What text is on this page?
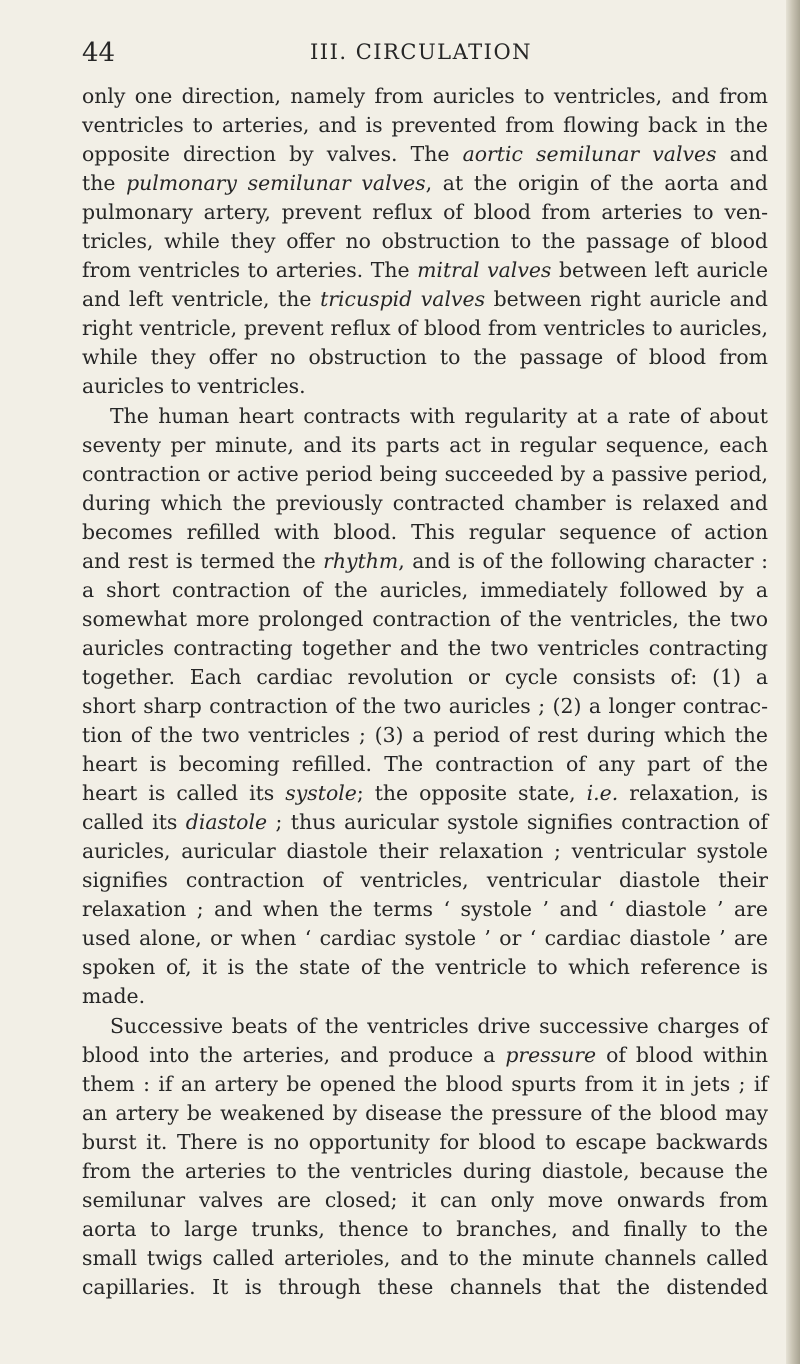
44	III. CIRCULATION
only one direction, namely from auricles to ventricles, and from
ventricles to arteries, and is prevented from flowing back in the
opposite direction by valves. The aortic semilunar valves and
the pulmonary semilunar valves, at the origin of the aorta and
pulmonary artery, prevent reflux of blood from arteries to ven-
tricles, while they offer no obstruction to the passage of blood
from ventricles to arteries. The mitral valves between left auricle
and left ventricle, the tricuspid valves between right auricle and
right ventricle, prevent reflux of blood from ventricles to auricles,
while they offer no obstruction to the passage of blood from
auricles to ventricles.
The human heart contracts with regularity at a rate of about
seventy per minute, and its parts act in regular sequence, each
contraction or active period being succeeded by a passive period,
during which the previously contracted chamber is relaxed and
becomes refilled with blood. This regular sequence of action
and rest is termed the rhythm, and is of the following character :
a short contraction of the auricles, immediately followed by a
somewhat more prolonged contraction of the ventricles, the two
auricles contracting together and the two ventricles contracting
together. Each cardiac revolution or cycle consists of: (1) a
short sharp contraction of the two auricles ; (2) a longer contrac-
tion of the two ventricles ; (3) a period of rest during which the
heart is becoming refilled. The contraction of any part of the
heart is called its systole; the opposite state, i.e. relaxation, is
called its diastole ; thus auricular systole signifies contraction of
auricles, auricular diastole their relaxation ; ventricular systole
signifies contraction of ventricles, ventricular diastole their
relaxation ; and when the terms ‘ systole ’ and ‘ diastole ’ are
used alone, or when ‘ cardiac systole ’ or ‘ cardiac diastole ’ are
spoken of, it is the state of the ventricle to which reference is
made.
Successive beats of the ventricles drive successive charges of
blood into the arteries, and produce a pressure of blood within
them : if an artery be opened the blood spurts from it in jets ; if
an artery be weakened by disease the pressure of the blood may
burst it. There is no opportunity for blood to escape backwards
from the arteries to the ventricles during diastole, because the
semilunar valves are closed; it can only move onwards from
aorta to large trunks, thence to branches, and finally to the
small twigs called arterioles, and to the minute channels called
capillaries. It is through these channels that the distended
